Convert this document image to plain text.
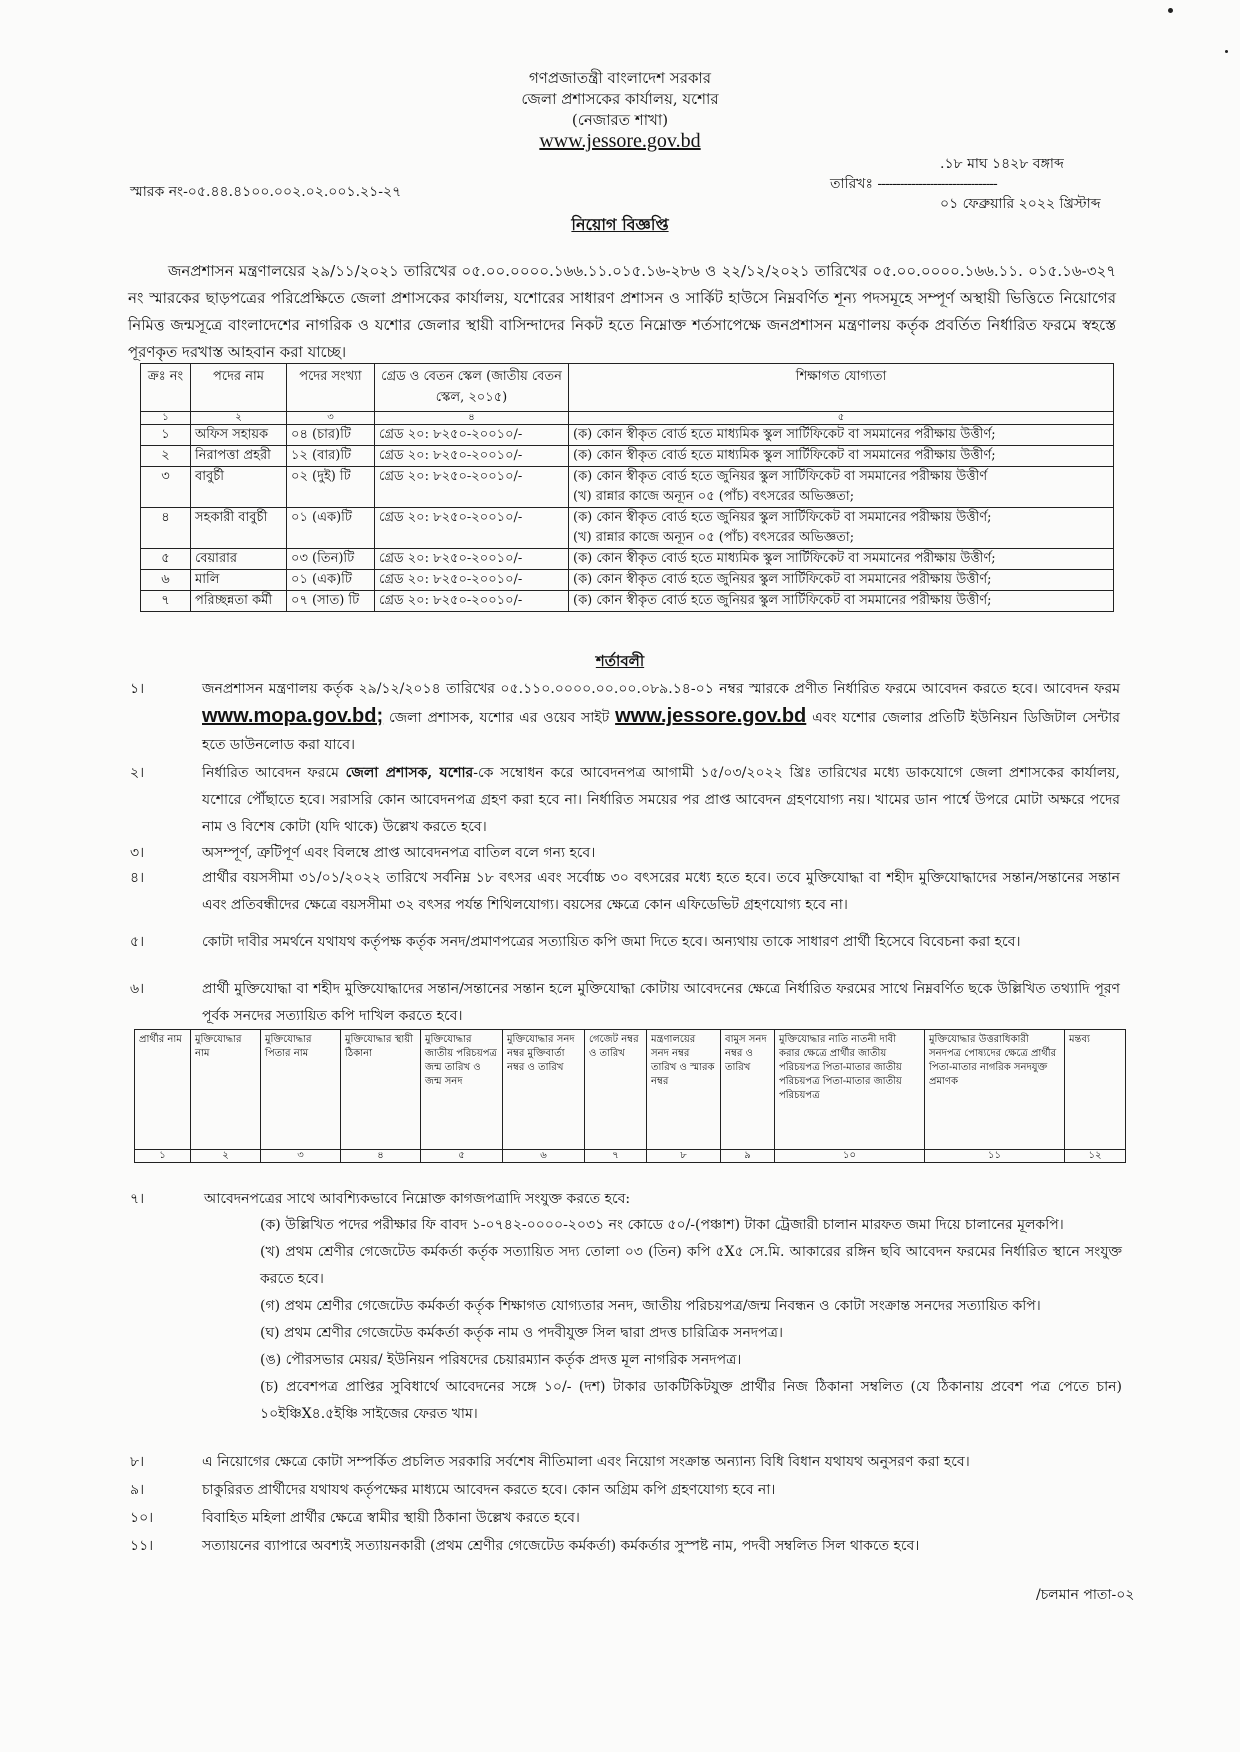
গণপ্রজাতন্ত্রী বাংলাদেশ সরকার
জেলা প্রশাসকের কার্যালয়, যশোর
(নেজারত শাখা)
www.jessore.gov.bd
স্মারক নং-০৫.৪৪.৪১০০.০০২.০২.০০১.২১-২৭
.১৮ মাঘ ১৪২৮ বঙ্গাব্দ
তারিখঃ --------------------------------
০১ ফেব্রুয়ারি ২০২২ খ্রিস্টাব্দ
নিয়োগ বিজ্ঞপ্তি
জনপ্রশাসন মন্ত্রণালয়ের ২৯/১১/২০২১ তারিখের ০৫.০০.০০০০.১৬৬.১১.০১৫.১৬-২৮৬ ও ২২/১২/২০২১ তারিখের ০৫.০০.০০০০.১৬৬.১১. ০১৫.১৬-৩২৭ নং স্মারকের ছাড়পত্রের পরিপ্রেক্ষিতে জেলা প্রশাসকের কার্যালয়, যশোরের সাধারণ প্রশাসন ও সার্কিট হাউসে নিম্নবর্ণিত শূন্য পদসমূহে সম্পূর্ণ অস্থায়ী ভিত্তিতে নিয়োগের নিমিত্ত জন্মসূত্রে বাংলাদেশের নাগরিক ও যশোর জেলার স্থায়ী বাসিন্দাদের নিকট হতে নিম্নোক্ত শর্তসাপেক্ষে জনপ্রশাসন মন্ত্রণালয় কর্তৃক প্রবর্তিত নির্ধারিত ফরমে স্বহস্তে পূরণকৃত দরখাস্ত আহবান করা যাচ্ছে।
ক্রঃ নং	পদের নাম	পদের সংখ্যা	গ্রেড ও বেতন স্কেল (জাতীয় বেতন স্কেল, ২০১৫)	শিক্ষাগত যোগ্যতা
১	২	৩	৪	৫
১	অফিস সহায়ক	০৪ (চার)টি	গ্রেড ২০: ৮২৫০-২০০১০/-	(ক) কোন স্বীকৃত বোর্ড হতে মাধ্যমিক স্কুল সার্টিফিকেট বা সমমানের পরীক্ষায় উত্তীর্ণ;

২	নিরাপত্তা প্রহরী	১২ (বার)টি	গ্রেড ২০: ৮২৫০-২০০১০/-	(ক) কোন স্বীকৃত বোর্ড হতে মাধ্যমিক স্কুল সার্টিফিকেট বা সমমানের পরীক্ষায় উত্তীর্ণ;

৩	বাবুর্চী	০২ (দুই) টি	গ্রেড ২০: ৮২৫০-২০০১০/-	(ক) কোন স্বীকৃত বোর্ড হতে জুনিয়র স্কুল সার্টিফিকেট বা সমমানের পরীক্ষায় উত্তীর্ণ
(খ) রান্নার কাজে অন্যূন ০৫ (পাঁচ) বৎসরের অভিজ্ঞতা;

৪	সহকারী বাবুর্চী	০১ (এক)টি	গ্রেড ২০: ৮২৫০-২০০১০/-	(ক) কোন স্বীকৃত বোর্ড হতে জুনিয়র স্কুল সার্টিফিকেট বা সমমানের পরীক্ষায় উত্তীর্ণ;
(খ) রান্নার কাজে অন্যূন ০৫ (পাঁচ) বৎসরের অভিজ্ঞতা;

৫	বেয়ারার	০৩ (তিন)টি	গ্রেড ২০: ৮২৫০-২০০১০/-	(ক) কোন স্বীকৃত বোর্ড হতে মাধ্যমিক স্কুল সার্টিফিকেট বা সমমানের পরীক্ষায় উত্তীর্ণ;

৬	মালি	০১ (এক)টি	গ্রেড ২০: ৮২৫০-২০০১০/-	(ক) কোন স্বীকৃত বোর্ড হতে জুনিয়র স্কুল সার্টিফিকেট বা সমমানের পরীক্ষায় উত্তীর্ণ;

৭	পরিচ্ছন্নতা কর্মী	০৭ (সাত) টি	গ্রেড ২০: ৮২৫০-২০০১০/-	(ক) কোন স্বীকৃত বোর্ড হতে জুনিয়র স্কুল সার্টিফিকেট বা সমমানের পরীক্ষায় উত্তীর্ণ;
শর্তাবলী
১।	জনপ্রশাসন মন্ত্রণালয় কর্তৃক ২৯/১২/২০১৪ তারিখের ০৫.১১০.০০০০.০০.০০.০৮৯.১৪-০১ নম্বর স্মারকে প্রণীত নির্ধারিত ফরমে আবেদন করতে হবে। আবেদন ফরম www.mopa.gov.bd; জেলা প্রশাসক, যশোর এর ওয়েব সাইট www.jessore.gov.bd এবং যশোর জেলার প্রতিটি ইউনিয়ন ডিজিটাল সেন্টার হতে ডাউনলোড করা যাবে।
২।	নির্ধারিত আবেদন ফরমে জেলা প্রশাসক, যশোর-কে সম্বোধন করে আবেদনপত্র আগামী ১৫/০৩/২০২২ খ্রিঃ তারিখের মধ্যে ডাকযোগে জেলা প্রশাসকের কার্যালয়, যশোরে পৌঁছাতে হবে। সরাসরি কোন আবেদনপত্র গ্রহণ করা হবে না। নির্ধারিত সময়ের পর প্রাপ্ত আবেদন গ্রহণযোগ্য নয়। খামের ডান পার্শ্বে উপরে মোটা অক্ষরে পদের নাম ও বিশেষ কোটা (যদি থাকে) উল্লেখ করতে হবে।
৩।	অসম্পূর্ণ, ত্রুটিপূর্ণ এবং বিলম্বে প্রাপ্ত আবেদনপত্র বাতিল বলে গন্য হবে।
৪।	প্রার্থীর বয়সসীমা ৩১/০১/২০২২ তারিখে সর্বনিম্ন ১৮ বৎসর এবং সর্বোচ্চ ৩০ বৎসরের মধ্যে হতে হবে। তবে মুক্তিযোদ্ধা বা শহীদ মুক্তিযোদ্ধাদের সন্তান/সন্তানের সন্তান এবং প্রতিবন্ধীদের ক্ষেত্রে বয়সসীমা ৩২ বৎসর পর্যন্ত শিথিলযোগ্য। বয়সের ক্ষেত্রে কোন এফিডেভিট গ্রহণযোগ্য হবে না।
৫।	কোটা দাবীর সমর্থনে যথাযথ কর্তৃপক্ষ কর্তৃক সনদ/প্রমাণপত্রের সত্যায়িত কপি জমা দিতে হবে। অন্যথায় তাকে সাধারণ প্রার্থী হিসেবে বিবেচনা করা হবে।
৬।	প্রার্থী মুক্তিযোদ্ধা বা শহীদ মুক্তিযোদ্ধাদের সন্তান/সন্তানের সন্তান হলে মুক্তিযোদ্ধা কোটায় আবেদনের ক্ষেত্রে নির্ধারিত ফরমের সাথে নিম্নবর্ণিত ছকে উল্লিখিত তথ্যাদি পূরণ পূর্বক সনদের সত্যায়িত কপি দাখিল করতে হবে।
প্রার্থীর নাম	মুক্তিযোদ্ধার নাম	মুক্তিযোদ্ধার পিতার নাম	মুক্তিযোদ্ধার স্থায়ী ঠিকানা	মুক্তিযোদ্ধার জাতীয় পরিচয়পত্র জন্ম তারিখ ও জন্ম সনদ	মুক্তিযোদ্ধার সনদ নম্বর মুক্তিবার্তা নম্বর ও তারিখ	গেজেট নম্বর ও তারিখ	মন্ত্রণালয়ের সনদ নম্বর তারিখ ও স্মারক নম্বর	বামুস সনদ নম্বর ও তারিখ	মুক্তিযোদ্ধার নাতি নাতনী দাবী করার ক্ষেত্রে প্রার্থীর জাতীয় পরিচয়পত্র পিতা-মাতার জাতীয় পরিচয়পত্র পিতা-মাতার জাতীয় পরিচয়পত্র	মুক্তিযোদ্ধার উত্তরাধিকারী সনদপত্র পোষ্যদের ক্ষেত্রে প্রার্থীর পিতা-মাতার নাগরিক সনদযুক্ত প্রমাণক	মন্তব্য
১	২	৩	৪	৫	৬	৭	৮	৯	১০	১১	১২
৭।	আবেদনপত্রের সাথে আবশ্যিকভাবে নিম্নোক্ত কাগজপত্রাদি সংযুক্ত করতে হবে:
(ক) উল্লিখিত পদের পরীক্ষার ফি বাবদ ১-০৭৪২-০০০০-২০৩১ নং কোডে ৫০/-(পঞ্চাশ) টাকা ট্রেজারী চালান মারফত জমা দিয়ে চালানের মূলকপি।
(খ) প্রথম শ্রেণীর গেজেটেড কর্মকর্তা কর্তৃক সত্যায়িত সদ্য তোলা ০৩ (তিন) কপি ৫X৫ সে.মি. আকারের রঙ্গিন ছবি আবেদন ফরমের নির্ধারিত স্থানে সংযুক্ত করতে হবে।
(গ) প্রথম শ্রেণীর গেজেটেড কর্মকর্তা কর্তৃক শিক্ষাগত যোগ্যতার সনদ, জাতীয় পরিচয়পত্র/জন্ম নিবন্ধন ও কোটা সংক্রান্ত সনদের সত্যায়িত কপি।
(ঘ) প্রথম শ্রেণীর গেজেটেড কর্মকর্তা কর্তৃক নাম ও পদবীযুক্ত সিল দ্বারা প্রদত্ত চারিত্রিক সনদপত্র।
(ঙ) পৌরসভার মেয়র/ ইউনিয়ন পরিষদের চেয়ারম্যান কর্তৃক প্রদত্ত মূল নাগরিক সনদপত্র।
(চ) প্রবেশপত্র প্রাপ্তির সুবিধার্থে আবেদনের সঙ্গে ১০/- (দশ) টাকার ডাকটিকিটযুক্ত প্রার্থীর নিজ ঠিকানা সম্বলিত (যে ঠিকানায় প্রবেশ পত্র পেতে চান) ১০ইঞ্চিX৪.৫ইঞ্চি সাইজের ফেরত খাম।
৮।	এ নিয়োগের ক্ষেত্রে কোটা সম্পর্কিত প্রচলিত সরকারি সর্বশেষ নীতিমালা এবং নিয়োগ সংক্রান্ত অন্যান্য বিধি বিধান যথাযথ অনুসরণ করা হবে।
৯।	চাকুরিরত প্রার্থীদের যথাযথ কর্তৃপক্ষের মাধ্যমে আবেদন করতে হবে। কোন অগ্রিম কপি গ্রহণযোগ্য হবে না।
১০।	বিবাহিত মহিলা প্রার্থীর ক্ষেত্রে স্বামীর স্থায়ী ঠিকানা উল্লেখ করতে হবে।
১১।	সত্যায়নের ব্যাপারে অবশ্যই সত্যায়নকারী (প্রথম শ্রেণীর গেজেটেড কর্মকর্তা) কর্মকর্তার সুস্পষ্ট নাম, পদবী সম্বলিত সিল থাকতে হবে।
/চলমান পাতা-০২
